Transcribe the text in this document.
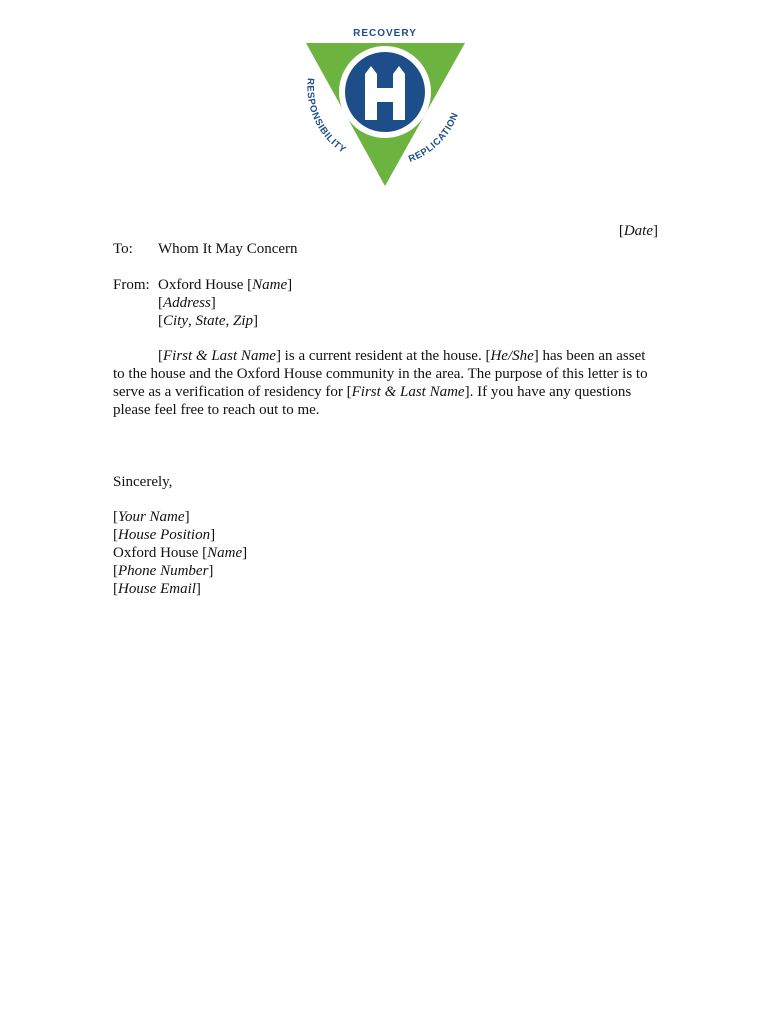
RECOVERY
RESPONSIBILITY
REPLICATION
[Date]
To: Whom It May Concern
From: Oxford House [Name]
[Address]
[City, State, Zip]
[First & Last Name] is a current resident at the house. [He/She] has been an asset to the house and the Oxford House community in the area. The purpose of this letter is to serve as a verification of residency for [First & Last Name]. If you have any questions please feel free to reach out to me.
Sincerely,
[Your Name]
[House Position]
Oxford House [Name]
[Phone Number]
[House Email]
